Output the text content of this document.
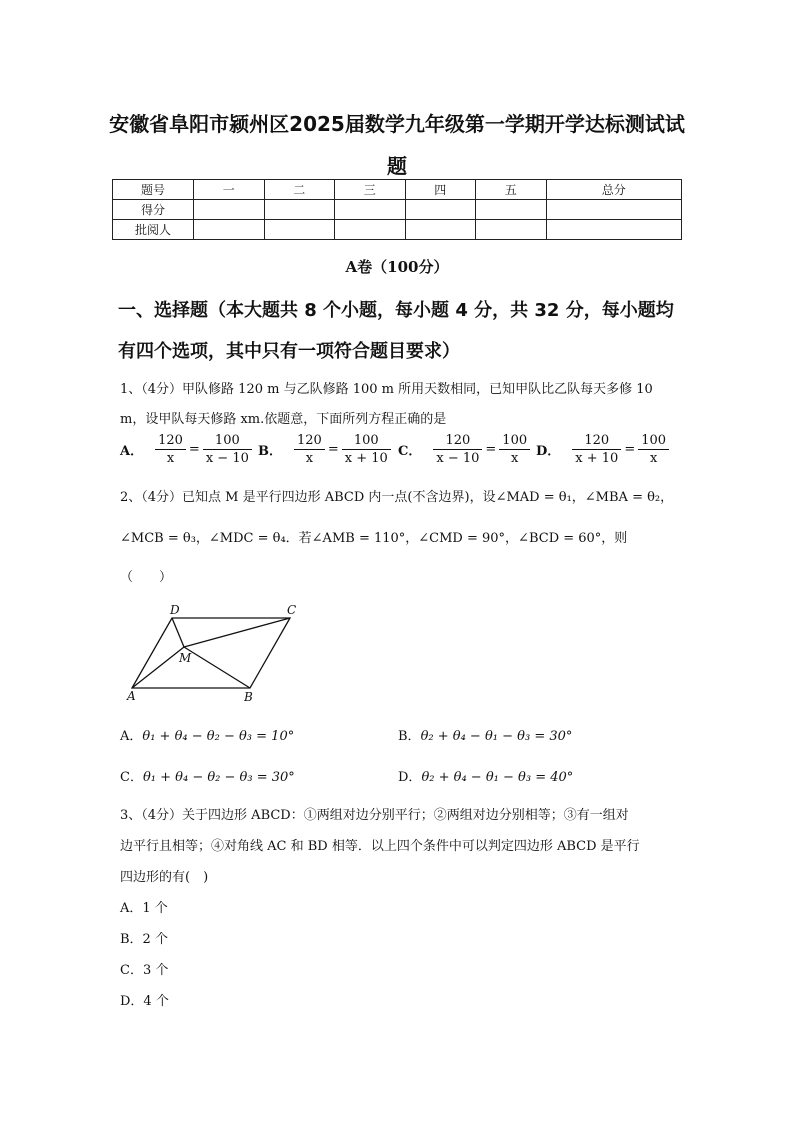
安徽省阜阳市颍州区2025届数学九年级第一学期开学达标测试试
题
题号	一	二	三	四	五	总分
得分						
批阅人						
A卷（100分）
一、选择题（本大题共 8 个小题，每小题 4 分，共 32 分，每小题均
有四个选项，其中只有一项符合题目要求）
1、（4分）甲队修路 120 m 与乙队修路 100 m 所用天数相同，已知甲队比乙队每天多修 10
m，设甲队每天修路 xm.依题意，下面所列方程正确的是
A． $\frac{120}{x} = \frac{100}{x - 10}$ B． $\frac{120}{x} = \frac{100}{x + 10}$ C． $\frac{120}{x - 10} = \frac{100}{x}$ D． $\frac{120}{x + 10} = \frac{100}{x}$
2、（4分）已知点 M 是平行四边形 ABCD 内一点(不含边界)，设∠MAD = θ₁，∠MBA = θ₂，
∠MCB = θ₃，∠MDC = θ₄．若∠AMB = 110°，∠CMD = 90°，∠BCD = 60°，则
（　　）
D	C
M
A	B
A．θ₁ + θ₄ − θ₂ − θ₃ = 10°	B．θ₂ + θ₄ − θ₁ − θ₃ = 30°
C．θ₁ + θ₄ − θ₂ − θ₃ = 30°	D．θ₂ + θ₄ − θ₁ − θ₃ = 40°
3、（4分）关于四边形 ABCD：①两组对边分别平行；②两组对边分别相等；③有一组对
边平行且相等；④对角线 AC 和 BD 相等．以上四个条件中可以判定四边形 ABCD 是平行
四边形的有(　)
A．1 个
B．2 个
C．3 个
D．4 个
